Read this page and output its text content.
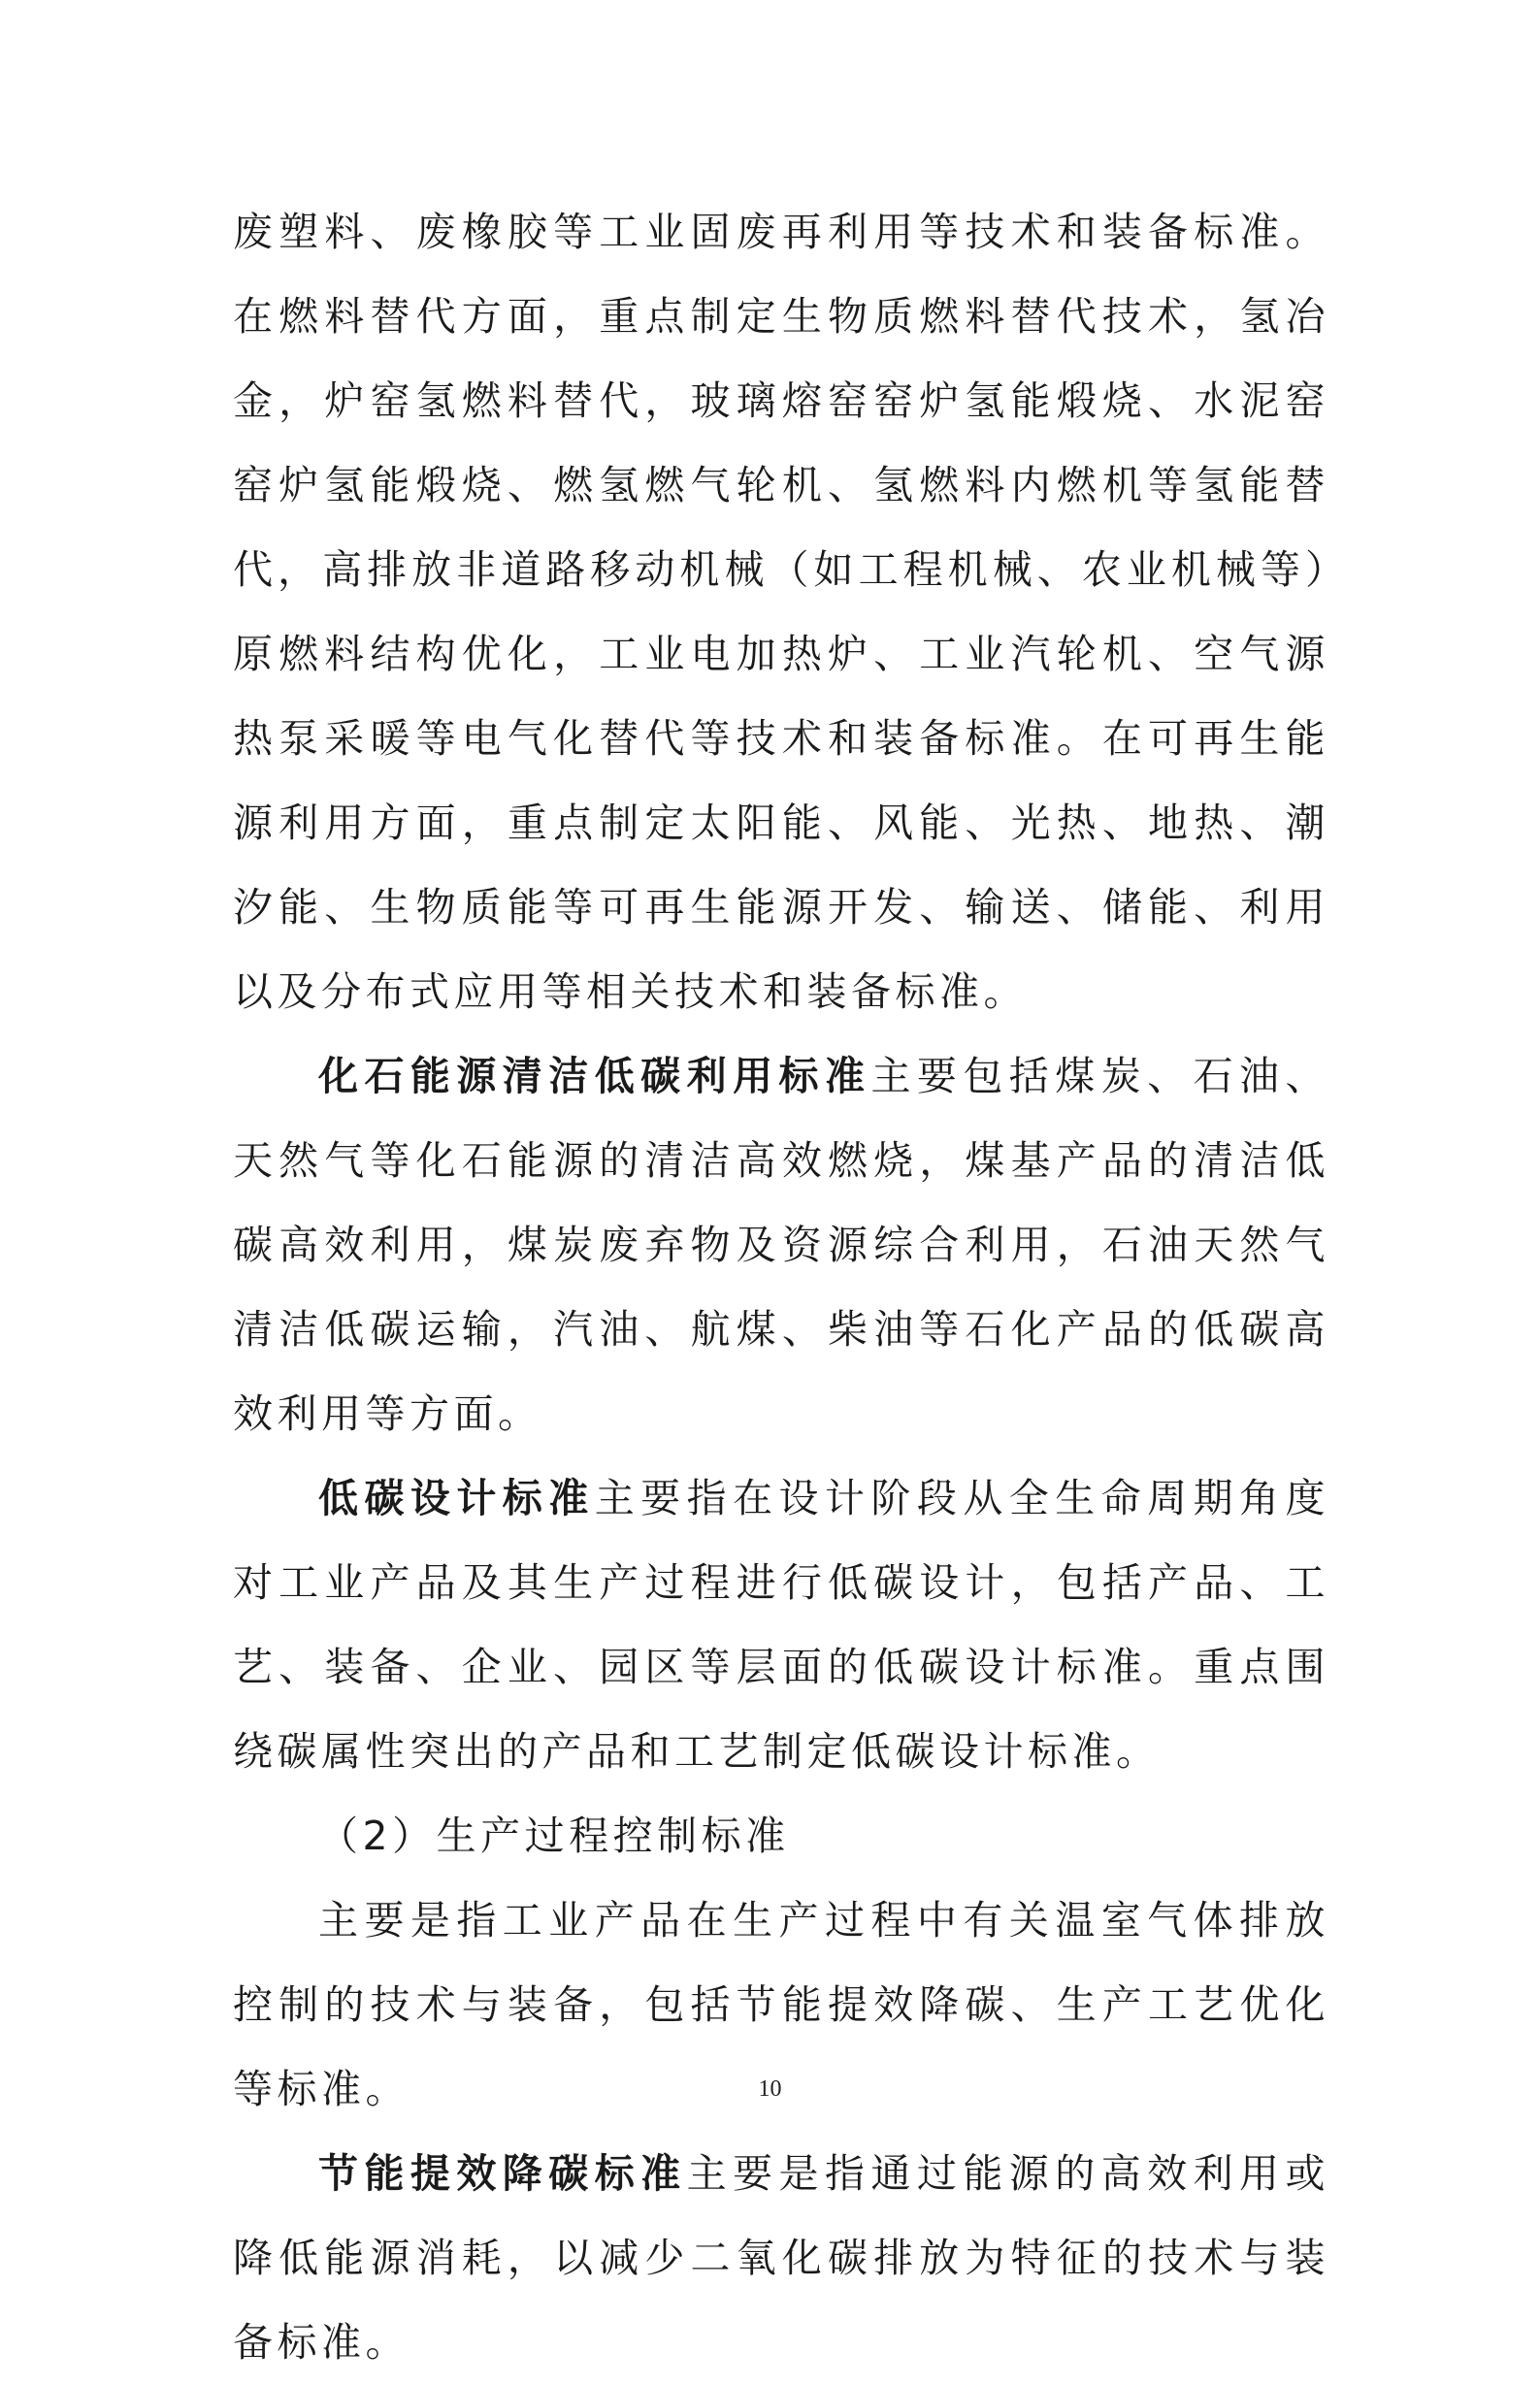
废塑料、废橡胶等工业固废再利用等技术和装备标准。在燃料替代方面，重点制定生物质燃料替代技术，氢冶金，炉窑氢燃料替代，玻璃熔窑窑炉氢能煅烧、水泥窑窑炉氢能煅烧、燃氢燃气轮机、氢燃料内燃机等氢能替代，高排放非道路移动机械（如工程机械、农业机械等）原燃料结构优化，工业电加热炉、工业汽轮机、空气源热泵采暖等电气化替代等技术和装备标准。在可再生能源利用方面，重点制定太阳能、风能、光热、地热、潮汐能、生物质能等可再生能源开发、输送、储能、利用以及分布式应用等相关技术和装备标准。

化石能源清洁低碳利用标准主要包括煤炭、石油、天然气等化石能源的清洁高效燃烧，煤基产品的清洁低碳高效利用，煤炭废弃物及资源综合利用，石油天然气清洁低碳运输，汽油、航煤、柴油等石化产品的低碳高效利用等方面。

低碳设计标准主要指在设计阶段从全生命周期角度对工业产品及其生产过程进行低碳设计，包括产品、工艺、装备、企业、园区等层面的低碳设计标准。重点围绕碳属性突出的产品和工艺制定低碳设计标准。

（2）生产过程控制标准

主要是指工业产品在生产过程中有关温室气体排放控制的技术与装备，包括节能提效降碳、生产工艺优化等标准。

节能提效降碳标准主要是指通过能源的高效利用或降低能源消耗，以减少二氧化碳排放为特征的技术与装备标准。

10
